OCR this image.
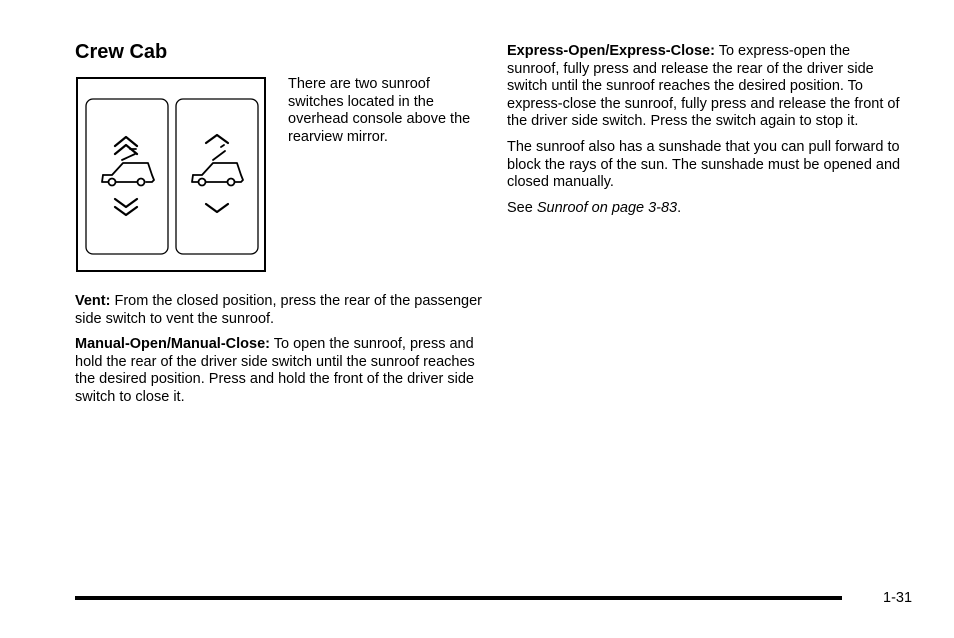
Crew Cab

There are two sunroof switches located in the overhead console above the rearview mirror.

Vent: From the closed position, press the rear of the passenger side switch to vent the sunroof.

Manual-Open/Manual-Close: To open the sunroof, press and hold the rear of the driver side switch until the sunroof reaches the desired position. Press and hold the front of the driver side switch to close it.

Express-Open/Express-Close: To express-open the sunroof, fully press and release the rear of the driver side switch until the sunroof reaches the desired position. To express-close the sunroof, fully press and release the front of the driver side switch. Press the switch again to stop it.

The sunroof also has a sunshade that you can pull forward to block the rays of the sun. The sunshade must be opened and closed manually.

See Sunroof on page 3-83.

1-31
